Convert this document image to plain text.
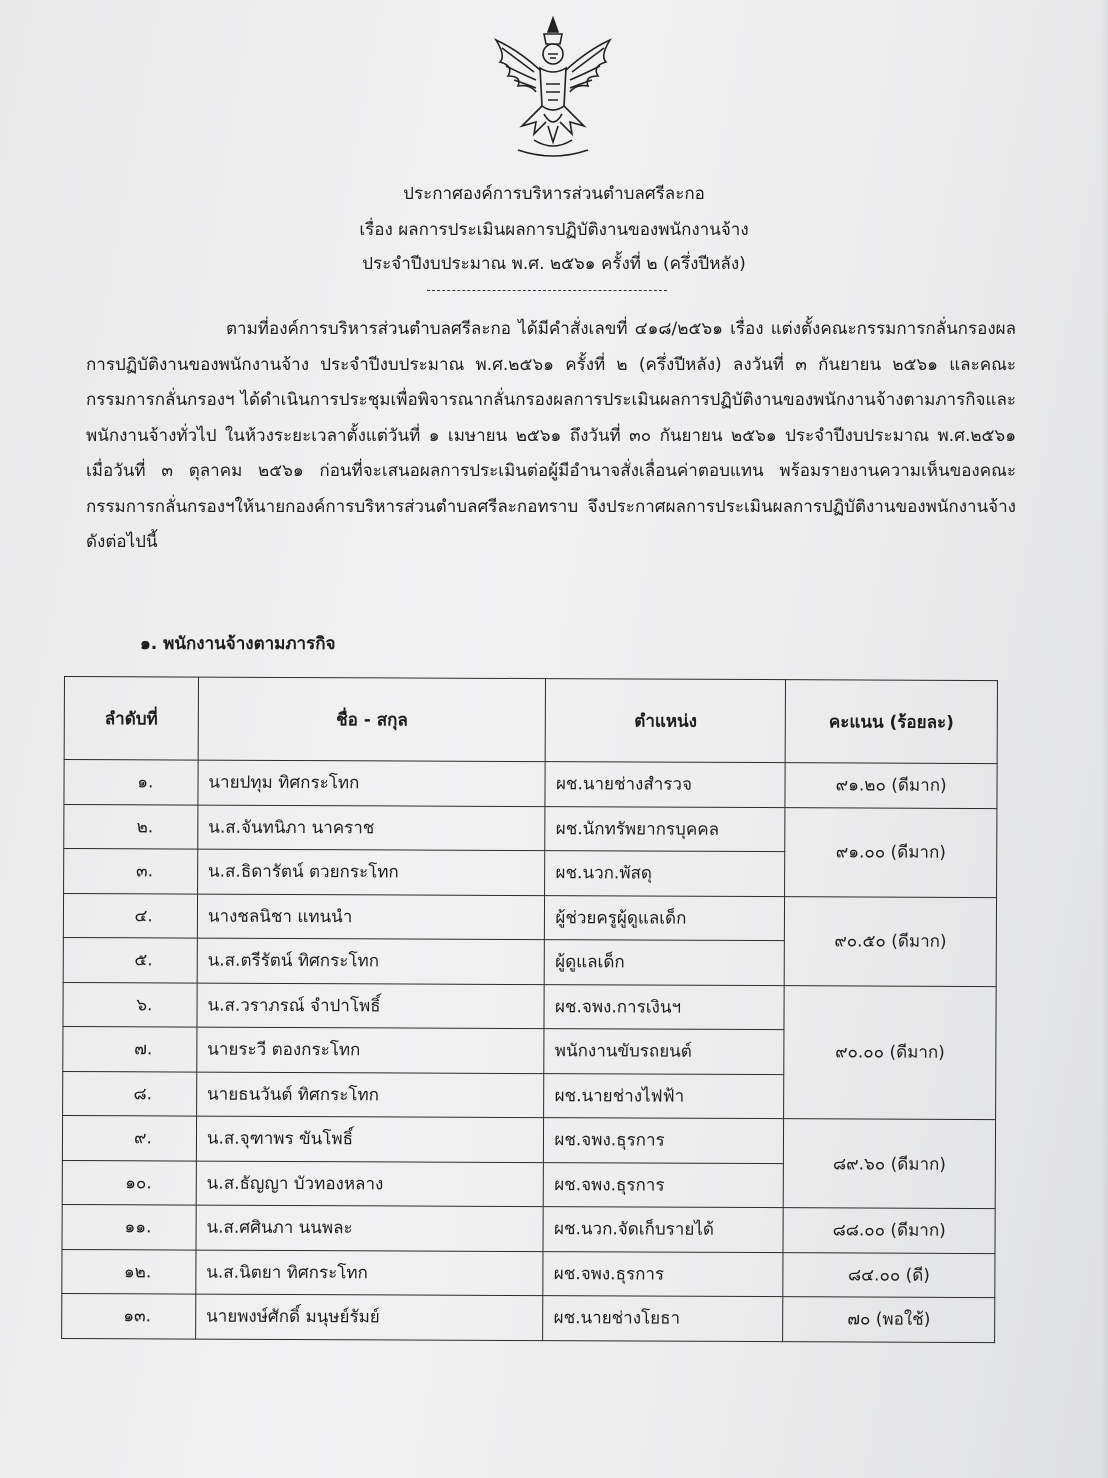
ประกาศองค์การบริหารส่วนตำบลศรีละกอ
เรื่อง ผลการประเมินผลการปฏิบัติงานของพนักงานจ้าง
ประจำปีงบประมาณ พ.ศ. ๒๕๖๑ ครั้งที่ ๒ (ครึ่งปีหลัง)
ตามที่องค์การบริหารส่วนตำบลศรีละกอ ได้มีคำสั่งเลขที่ ๔๑๘/๒๕๖๑ เรื่อง แต่งตั้งคณะกรรมการกลั่นกรองผลการปฏิบัติงานของพนักงานจ้าง ประจำปีงบประมาณ พ.ศ.๒๕๖๑ ครั้งที่ ๒ (ครึ่งปีหลัง) ลงวันที่ ๓ กันยายน ๒๕๖๑ และคณะกรรมการกลั่นกรองฯ ได้ดำเนินการประชุมเพื่อพิจารณากลั่นกรองผลการประเมินผลการปฏิบัติงานของพนักงานจ้างตามภารกิจและพนักงานจ้างทั่วไป ในห้วงระยะเวลาตั้งแต่วันที่ ๑ เมษายน ๒๕๖๑ ถึงวันที่ ๓๐ กันยายน ๒๕๖๑ ประจำปีงบประมาณ พ.ศ.๒๕๖๑ เมื่อวันที่ ๓ ตุลาคม ๒๕๖๑ ก่อนที่จะเสนอผลการประเมินต่อผู้มีอำนาจสั่งเลื่อนค่าตอบแทน พร้อมรายงานความเห็นของคณะกรรมการกลั่นกรองฯให้นายกองค์การบริหารส่วนตำบลศรีละกอทราบ จึงประกาศผลการประเมินผลการปฏิบัติงานของพนักงานจ้าง ดังต่อไปนี้
๑. พนักงานจ้างตามภารกิจ
ลำดับที่	ชื่อ - สกุล	ตำแหน่ง	คะแนน (ร้อยละ)
๑.	นายปทุม ทิศกระโทก	ผช.นายช่างสำรวจ	๙๑.๒๐ (ดีมาก)
๒.	น.ส.จันทนิภา นาคราช	ผช.นักทรัพยากรบุคคล	๙๑.๐๐ (ดีมาก)
๓.	น.ส.ธิดารัตน์ ตวยกระโทก	ผช.นวก.พัสดุ	
๔.	นางชลนิชา แทนนำ	ผู้ช่วยครูผู้ดูแลเด็ก	๙๐.๕๐ (ดีมาก)
๕.	น.ส.ตรีรัตน์ ทิศกระโทก	ผู้ดูแลเด็ก	
๖.	น.ส.วราภรณ์ จำปาโพธิ์	ผช.จพง.การเงินฯ	๙๐.๐๐ (ดีมาก)
๗.	นายระวี ตองกระโทก	พนักงานขับรถยนต์	
๘.	นายธนวันต์ ทิศกระโทก	ผช.นายช่างไฟฟ้า	
๙.	น.ส.จุฑาพร ขันโพธิ์	ผช.จพง.ธุรการ	๘๙.๖๐ (ดีมาก)
๑๐.	น.ส.ธัญญา บัวทองหลาง	ผช.จพง.ธุรการ	
๑๑.	น.ส.ศศินภา นนพละ	ผช.นวก.จัดเก็บรายได้	๘๘.๐๐ (ดีมาก)
๑๒.	น.ส.นิตยา ทิศกระโทก	ผช.จพง.ธุรการ	๘๔.๐๐ (ดี)
๑๓.	นายพงษ์ศักดิ์ มนุษย์รัมย์	ผช.นายช่างโยธา	๗๐ (พอใช้)
